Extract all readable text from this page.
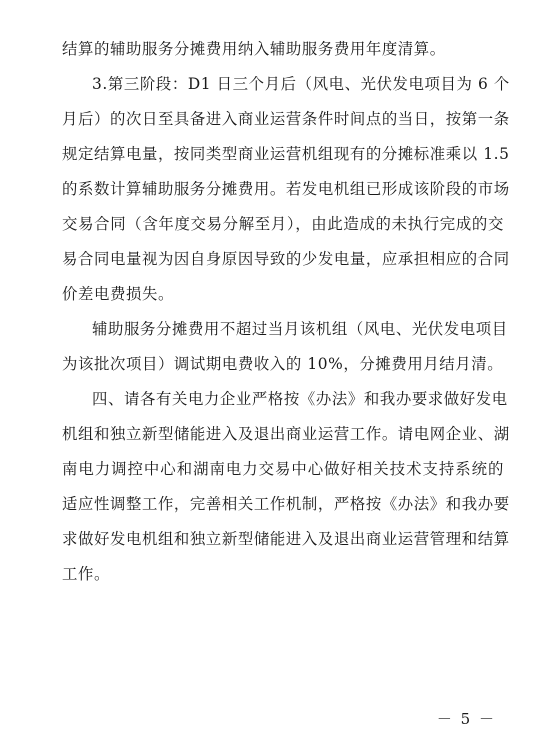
结算的辅助服务分摊费用纳入辅助服务费用年度清算。
3.第三阶段：D1 日三个月后（风电、光伏发电项目为 6 个
月后）的次日至具备进入商业运营条件时间点的当日，按第一条
规定结算电量，按同类型商业运营机组现有的分摊标准乘以 1.5
的系数计算辅助服务分摊费用。若发电机组已形成该阶段的市场
交易合同（含年度交易分解至月），由此造成的未执行完成的交
易合同电量视为因自身原因导致的少发电量，应承担相应的合同
价差电费损失。
辅助服务分摊费用不超过当月该机组（风电、光伏发电项目
为该批次项目）调试期电费收入的 10%，分摊费用月结月清。
四、请各有关电力企业严格按《办法》和我办要求做好发电
机组和独立新型储能进入及退出商业运营工作。请电网企业、湖
南电力调控中心和湖南电力交易中心做好相关技术支持系统的
适应性调整工作，完善相关工作机制，严格按《办法》和我办要
求做好发电机组和独立新型储能进入及退出商业运营管理和结算
工作。
－ 5 －
